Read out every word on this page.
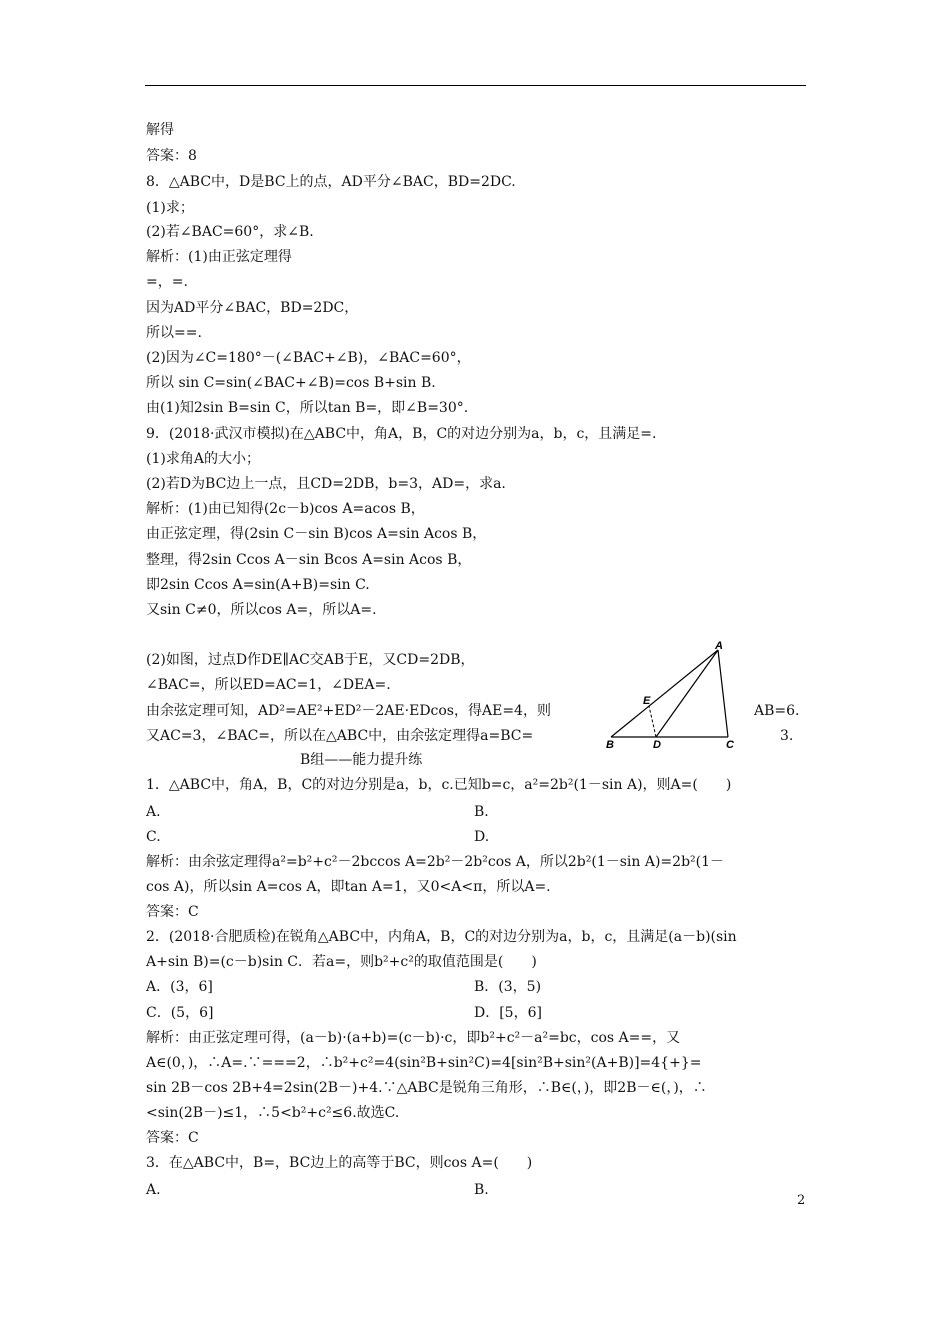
解得
答案：8
8．△ABC中，D是BC上的点，AD平分∠BAC，BD=2DC.
(1)求；
(2)若∠BAC=60°，求∠B.
解析：(1)由正弦定理得
=，=.
因为AD平分∠BAC，BD=2DC，
所以==.
(2)因为∠C=180°－(∠BAC+∠B)，∠BAC=60°，
所以 sin C=sin(∠BAC+∠B)=cos B+sin B.
由(1)知2sin B=sin C，所以tan B=，即∠B=30°.
9．(2018·武汉市模拟)在△ABC中，角A，B，C的对边分别为a，b，c，且满足=.
(1)求角A的大小；
(2)若D为BC边上一点，且CD=2DB，b=3，AD=，求a.
解析：(1)由已知得(2c－b)cos A=acos B，
由正弦定理，得(2sin C－sin B)cos A=sin Acos B，
整理，得2sin Ccos A－sin Bcos A=sin Acos B，
即2sin Ccos A=sin(A+B)=sin C.
又sin C≠0，所以cos A=，所以A=.
(2)如图，过点D作DE∥AC交AB于E，又CD=2DB，
∠BAC=，所以ED=AC=1，∠DEA=.
由余弦定理可知，AD²=AE²+ED²－2AE·EDcos，得AE=4，则
又AC=3，∠BAC=，所以在△ABC中，由余弦定理得a=BC=
B组——能力提升练
1．△ABC中，角A，B，C的对边分别是a，b，c.已知b=c，a²=2b²(1－sin A)，则A=(　　)
A.
C.
解析：由余弦定理得a²=b²+c²－2bccos A=2b²－2b²cos A，所以2b²(1－sin A)=2b²(1－
cos A)，所以sin A=cos A，即tan A=1，又0<A<π，所以A=.
答案：C
2．(2018·合肥质检)在锐角△ABC中，内角A，B，C的对边分别为a，b，c，且满足(a－b)(sin
A+sin B)=(c－b)sin C．若a=，则b²+c²的取值范围是(　　)
A．(3，6]
C．(5，6]
解析：由正弦定理可得，(a－b)·(a+b)=(c－b)·c，即b²+c²－a²=bc，cos A==，又
A∈(0，)，∴A=.∵===2，∴b²+c²=4(sin²B+sin²C)=4[sin²B+sin²(A+B)]=4{+}=
sin 2B－cos 2B+4=2sin(2B－)+4.∵△ABC是锐角三角形，∴B∈(，)，即2B－∈(，)，∴
<sin(2B－)≤1，∴5<b²+c²≤6.故选C.
答案：C
3．在△ABC中，B=，BC边上的高等于BC，则cos A=(　　)
A.
B.
D.
B．(3，5)
D．[5，6]
B.
AB=6.
3.
A
B	C
D
E
2
